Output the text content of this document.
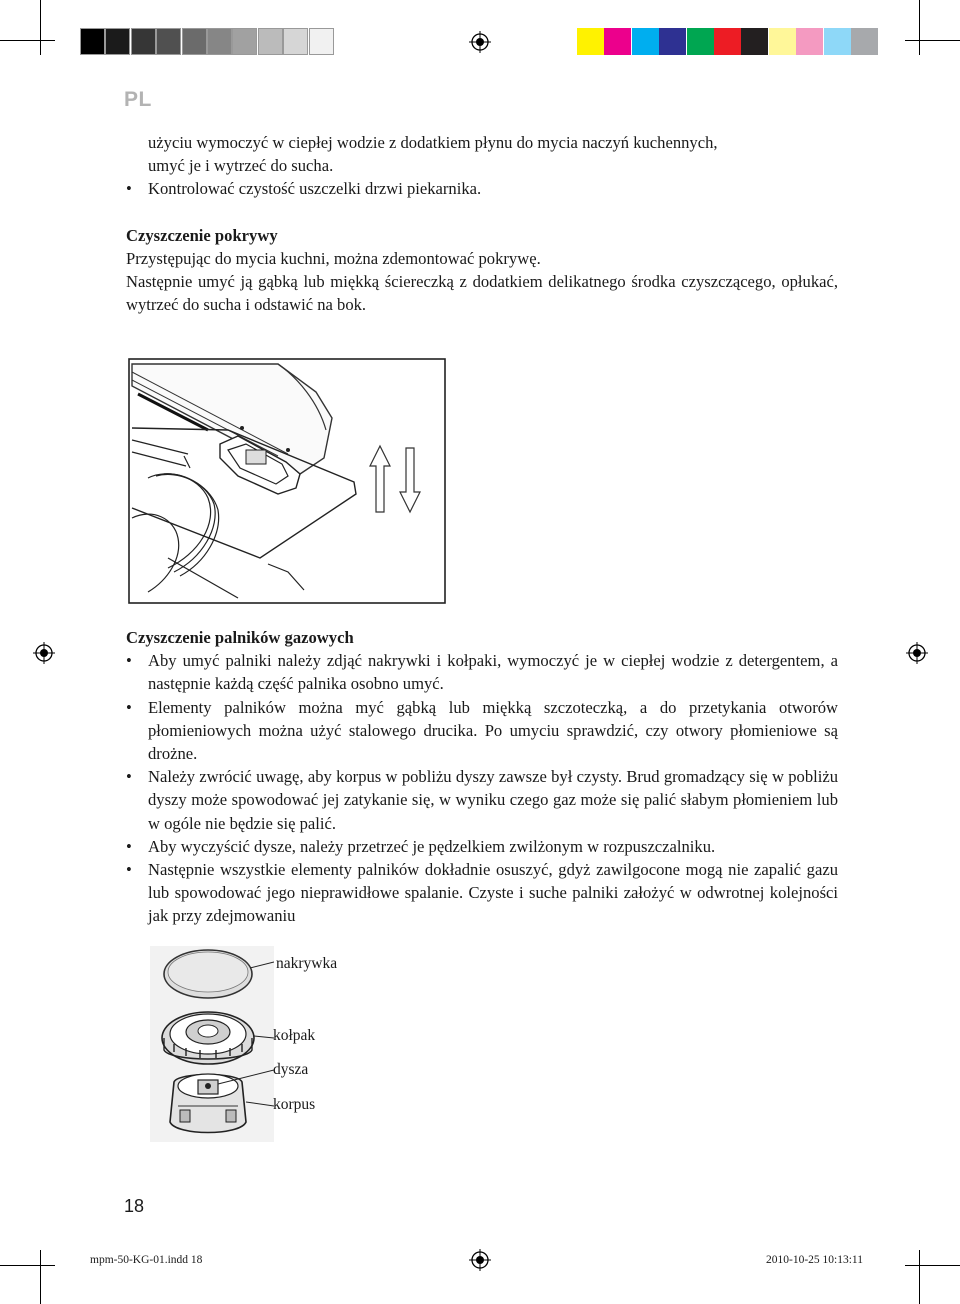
PL

użyciu wymoczyć w ciepłej wodzie z dodatkiem płynu do mycia naczyń kuchennych,

umyć je i wytrzeć do sucha.

• Kontrolować czystość uszczelki drzwi piekarnika.

Czyszczenie pokrywy

Przystępując do mycia kuchni, można zdemontować pokrywę.

Następnie umyć ją gąbką lub miękką ściereczką z dodatkiem delikatnego środka czyszczącego, opłukać, wytrzeć do sucha i odstawić na bok.

Czyszczenie palników gazowych

• Aby umyć palniki należy zdjąć nakrywki i kołpaki, wymoczyć je w ciepłej wodzie z detergentem, a następnie każdą część palnika osobno umyć.

• Elementy palników można myć gąbką lub miękką szczoteczką, a do przetykania otworów płomieniowych można użyć stalowego drucika. Po umyciu sprawdzić, czy otwory płomieniowe są drożne.

• Należy zwrócić uwagę, aby korpus w pobliżu dyszy zawsze był czysty. Brud gromadzący się w pobliżu dyszy może spowodować jej zatykanie się, w wyniku czego gaz może się palić słabym płomieniem lub w ogóle nie będzie się palić.

• Aby wyczyścić dysze, należy przetrzeć je pędzelkiem zwilżonym w rozpuszczalniku.

• Następnie wszystkie elementy palników dokładnie osuszyć, gdyż zawilgocone mogą nie zapalić gazu lub spowodować jego nieprawidłowe spalanie. Czyste i suche palniki założyć w odwrotnej kolejności jak przy zdejmowaniu

nakrywka
kołpak
dysza
korpus
18
mpm-50-KG-01.indd 18	2010-10-25 10:13:11
